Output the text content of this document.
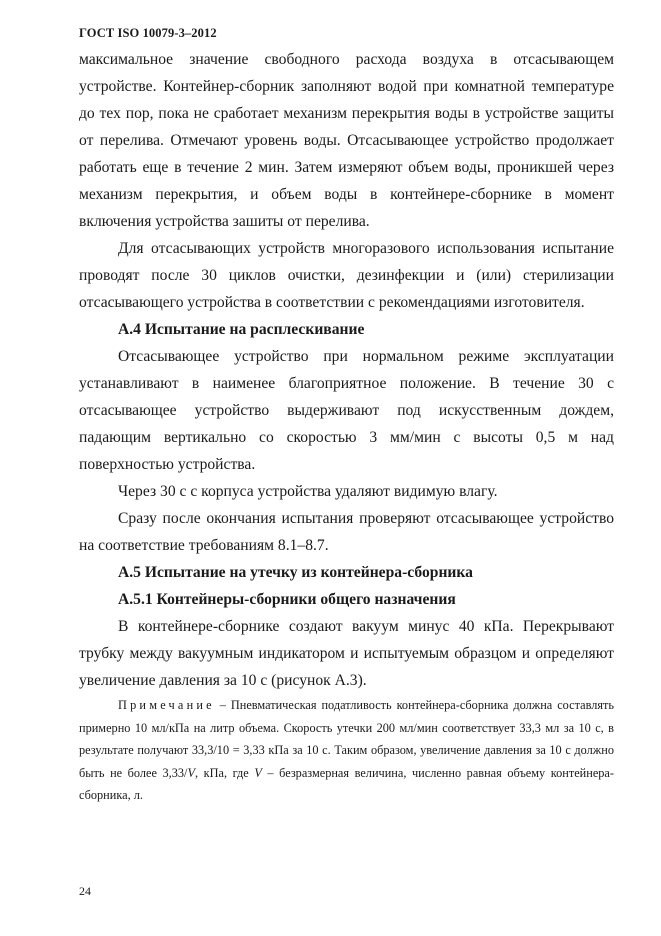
ГОСТ ISO 10079-3–2012

максимальное значение свободного расхода воздуха в отсасывающем устройстве. Контейнер-сборник заполняют водой при комнатной температуре до тех пор, пока не сработает механизм перекрытия воды в устройстве защиты от перелива. Отмечают уровень воды. Отсасывающее устройство продолжает работать еще в течение 2 мин. Затем измеряют объем воды, проникшей через механизм перекрытия, и объем воды в контейнере-сборнике в момент включения устройства зашиты от перелива.

Для отсасывающих устройств многоразового использования испытание проводят после 30 циклов очистки, дезинфекции и (или) стерилизации отсасывающего устройства в соответствии с рекомендациями изготовителя.

А.4 Испытание на расплескивание

Отсасывающее устройство при нормальном режиме эксплуатации устанавливают в наименее благоприятное положение. В течение 30 с отсасывающее устройство выдерживают под искусственным дождем, падающим вертикально со скоростью 3 мм/мин с высоты 0,5 м над поверхностью устройства.

Через 30 с с корпуса устройства удаляют видимую влагу.

Сразу после окончания испытания проверяют отсасывающее устройство на соответствие требованиям 8.1–8.7.

А.5 Испытание на утечку из контейнера-сборника
А.5.1 Контейнеры-сборники общего назначения

В контейнере-сборнике создают вакуум минус 40 кПа. Перекрывают трубку между вакуумным индикатором и испытуемым образцом и определяют увеличение давления за 10 с (рисунок А.3).

Примечание – Пневматическая податливость контейнера-сборника должна составлять примерно 10 мл/кПа на литр объема. Скорость утечки 200 мл/мин соответствует 33,3 мл за 10 с, в результате получают 33,3/10 = 3,33 кПа за 10 с. Таким образом, увеличение давления за 10 с должно быть не более 3,33/V, кПа, где V – безразмерная величина, численно равная объему контейнера-сборника, л.

24
